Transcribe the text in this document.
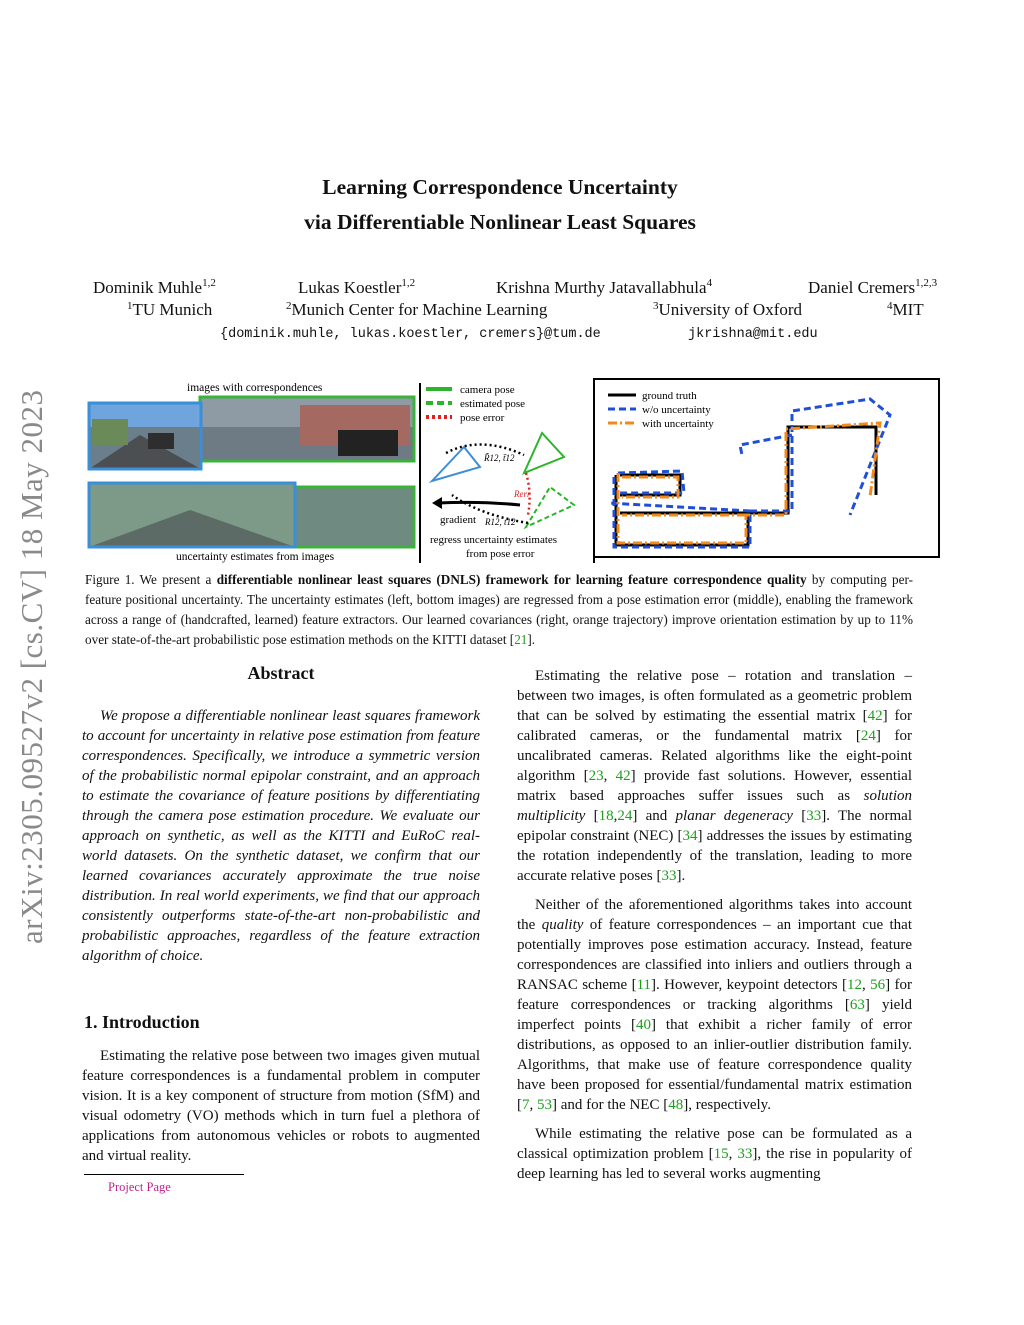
arXiv:2305.09527v2 [cs.CV] 18 May 2023
Learning Correspondence Uncertainty
via Differentiable Nonlinear Least Squares
Dominik Muhle$^{1,2}$	Lukas Koestler$^{1,2}$	Krishna Murthy Jatavallabhula$^4$	Daniel Cremers$^{1,2,3}$
$^1$ TU Munich	$^2$ Munich Center for Machine Learning	$^3$ University of Oxford	$^4$ MIT
{dominik.muhle, lukas.koestler, cremers}@tum.de	jkrishna@mit.edu
images with correspondences
uncertainty estimates from images
camera pose
estimated pose
pose error
R̃12, t̃12
Rerr
R12, t12
gradient
regress uncertainty estimates
from pose error
ground truth
w/o uncertainty
with uncertainty
Figure 1. We present a differentiable nonlinear least squares (DNLS) framework for learning feature correspondence quality by computing per-feature positional uncertainty. The uncertainty estimates (left, bottom images) are regressed from a pose estimation error (middle), enabling the framework across a range of (handcrafted, learned) feature extractors. Our learned covariances (right, orange trajectory) improve orientation estimation by up to 11% over state-of-the-art probabilistic pose estimation methods on the KITTI dataset [21].
Abstract

We propose a differentiable nonlinear least squares framework to account for uncertainty in relative pose estimation from feature correspondences. Specifically, we introduce a symmetric version of the probabilistic normal epipolar constraint, and an approach to estimate the covariance of feature positions by differentiating through the camera pose estimation procedure. We evaluate our approach on synthetic, as well as the KITTI and EuRoC real-world datasets. On the synthetic dataset, we confirm that our learned covariances accurately approximate the true noise distribution. In real world experiments, we find that our approach consistently outperforms state-of-the-art non-probabilistic and probabilistic approaches, regardless of the feature extraction algorithm of choice.

1. Introduction

Estimating the relative pose between two images given mutual feature correspondences is a fundamental problem in computer vision. It is a key component of structure from motion (SfM) and visual odometry (VO) methods which in turn fuel a plethora of applications from autonomous vehicles or robots to augmented and virtual reality.

Project Page

Estimating the relative pose – rotation and translation – between two images, is often formulated as a geometric problem that can be solved by estimating the essential matrix [42] for calibrated cameras, or the fundamental matrix [24] for uncalibrated cameras. Related algorithms like the eight-point algorithm [23, 42] provide fast solutions. However, essential matrix based approaches suffer issues such as solution multiplicity [18,24] and planar degeneracy [33]. The normal epipolar constraint (NEC) [34] addresses the issues by estimating the rotation independently of the translation, leading to more accurate relative poses [33].

Neither of the aforementioned algorithms takes into account the quality of feature correspondences – an important cue that potentially improves pose estimation accuracy. Instead, feature correspondences are classified into inliers and outliers through a RANSAC scheme [11]. However, keypoint detectors [12, 56] for feature correspondences or tracking algorithms [63] yield imperfect points [40] that exhibit a richer family of error distributions, as opposed to an inlier-outlier distribution family. Algorithms, that make use of feature correspondence quality have been proposed for essential/fundamental matrix estimation [7, 53] and for the NEC [48], respectively.

While estimating the relative pose can be formulated as a classical optimization problem [15, 33], the rise in popularity of deep learning has led to several works augmenting
